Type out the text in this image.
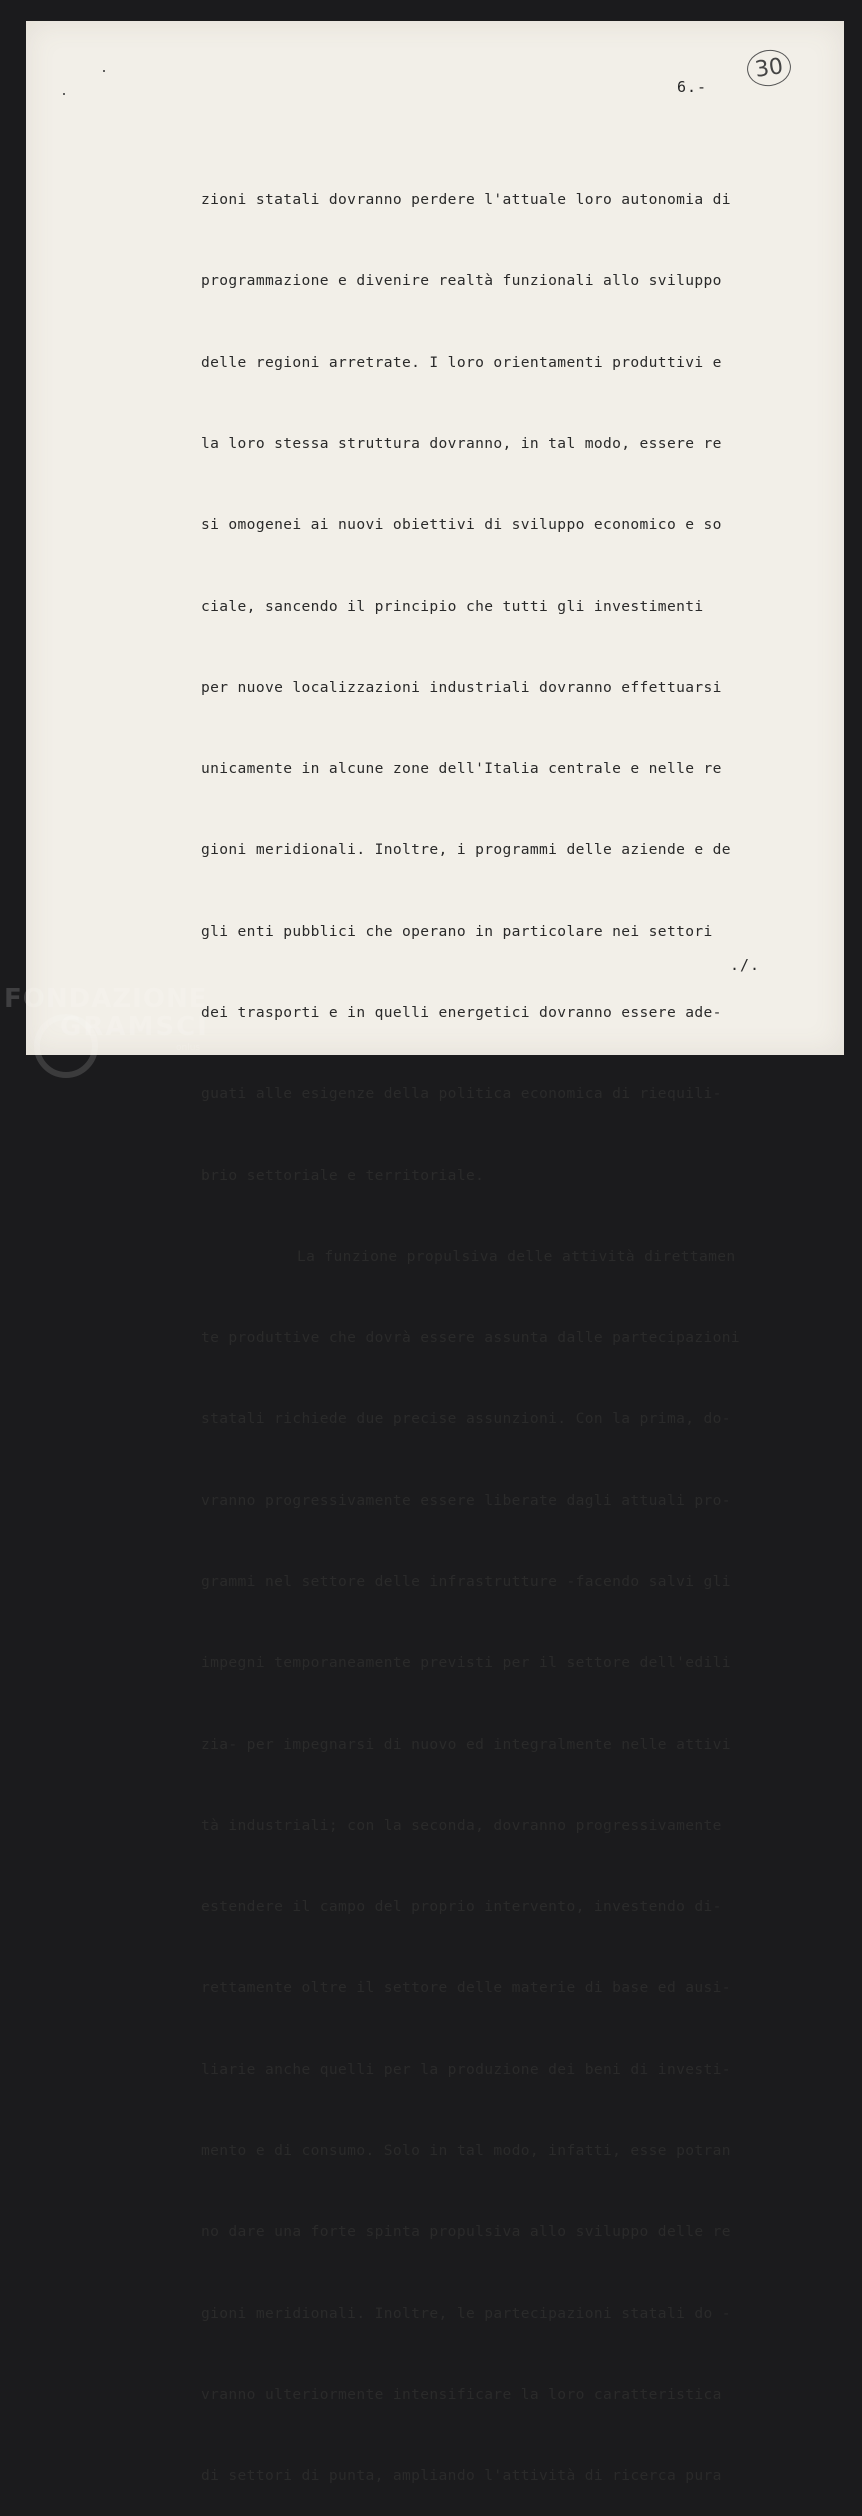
6.-
30

zioni statali dovranno perdere l'attuale loro autonomia di

programmazione e divenire realtà funzionali allo sviluppo

delle regioni arretrate. I loro orientamenti produttivi e

la loro stessa struttura dovranno, in tal modo, essere re

si omogenei ai nuovi obiettivi di sviluppo economico e so

ciale, sancendo il principio che tutti gli investimenti

per nuove localizzazioni industriali dovranno effettuarsi

unicamente in alcune zone dell'Italia centrale e nelle re

gioni meridionali. Inoltre, i programmi delle aziende e de

gli enti pubblici che operano in particolare nei settori

dei trasporti e in quelli energetici dovranno essere ade-

guati alle esigenze della politica economica di riequili-

brio settoriale e territoriale.

La funzione propulsiva delle attività direttamen

te produttive che dovrà essere assunta dalle partecipazioni

statali richiede due precise assunzioni. Con la prima, do-

vranno progressivamente essere liberate dagli attuali pro-

grammi nel settore delle infrastrutture -facendo salvi gli

impegni temporaneamente previsti per il settore dell'edili

zia- per impegnarsi di nuovo ed integralmente nelle attivi

tà industriali; con la seconda, dovranno progressivamente

estendere il campo del proprio intervento, investendo di-

rettamente oltre il settore delle materie di base ed ausi-

liarie anche quelli per la produzione dei beni di investi-

mento e di consumo. Solo in tal modo, infatti, esse potran

no dare una forte spinta propulsiva allo sviluppo delle re

gioni meridionali. Inoltre, le partecipazioni statali do -

vranno ulteriormente intensificare la loro caratteristica

di settori di punta, ampliando l'attività di ricerca pura

./.
FONDAZIONE
GRAMSCI
onlus
